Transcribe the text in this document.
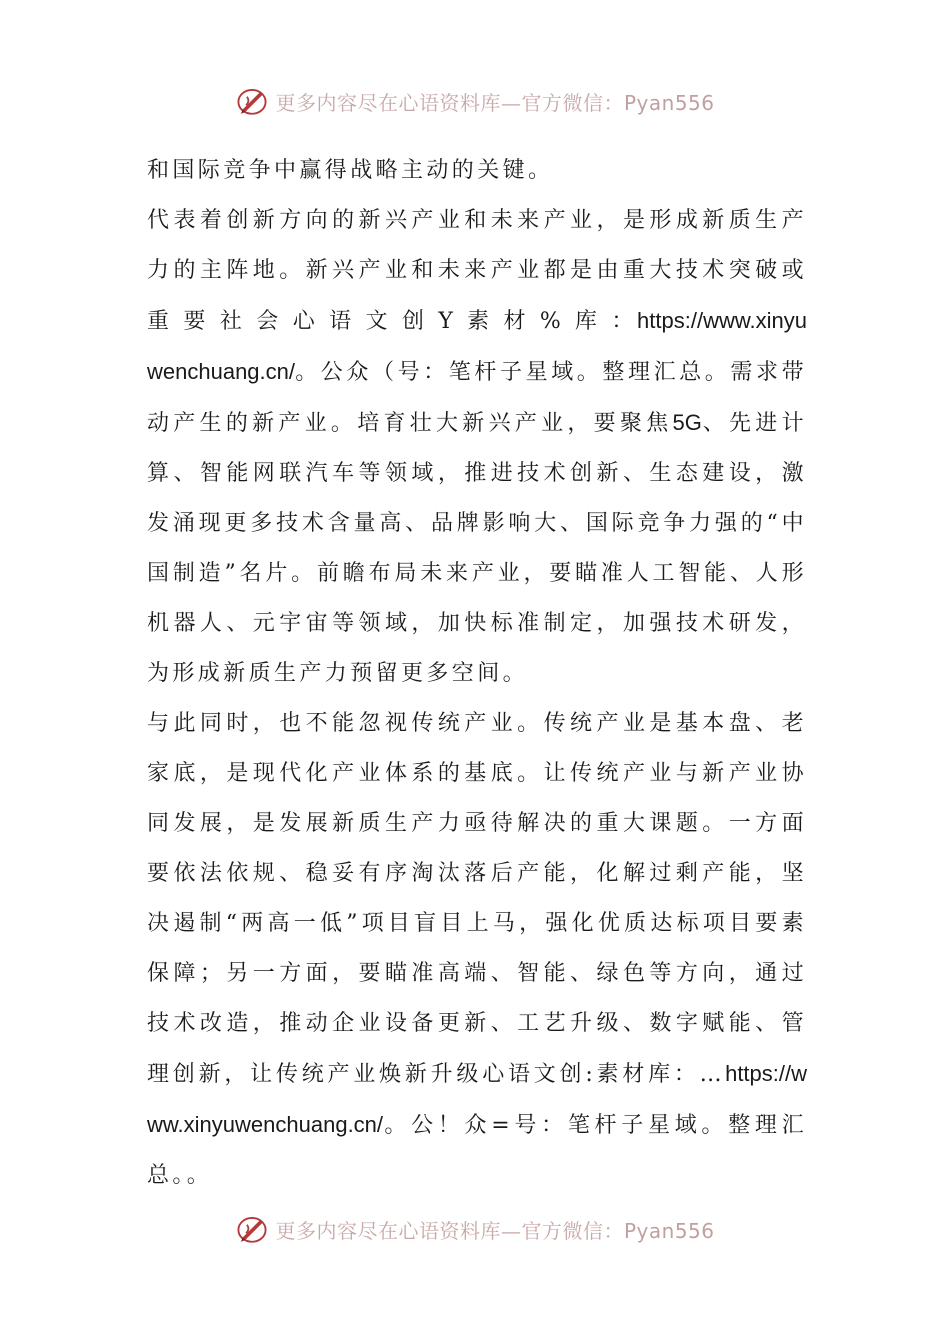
更多内容尽在心语资料库—官方微信：Pyan556

和国际竞争中赢得战略主动的关键。

代表着创新方向的新兴产业和未来产业，是形成新质生产力的主阵地。新兴产业和未来产业都是由重大技术突破或重 要 社 会 心 语 文 创 Y 素 材 % 库 ：https://www.xinyuwenchuang.cn/。公众（号：笔杆子星域。整理汇总。需求带动产生的新产业。培育壮大新兴产业，要聚焦5G、先进计算、智能网联汽车等领域，推进技术创新、生态建设，激发涌现更多技术含量高、品牌影响大、国际竞争力强的“中国制造”名片。前瞻布局未来产业，要瞄准人工智能、人形机器人、元宇宙等领域，加快标准制定，加强技术研发，为形成新质生产力预留更多空间。

与此同时，也不能忽视传统产业。传统产业是基本盘、老家底，是现代化产业体系的基底。让传统产业与新产业协同发展，是发展新质生产力亟待解决的重大课题。一方面要依法依规、稳妥有序淘汰落后产能，化解过剩产能，坚决遏制“两高一低”项目盲目上马，强化优质达标项目要素保障；另一方面，要瞄准高端、智能、绿色等方向，通过技术改造，推动企业设备更新、工艺升级、数字赋能、管理创新，让传统产业焕新升级心语文创:素材库：…https://www.xinyuwenchuang.cn/。公！众=号：笔杆子星域。整理汇总。。

更多内容尽在心语资料库—官方微信：Pyan556
